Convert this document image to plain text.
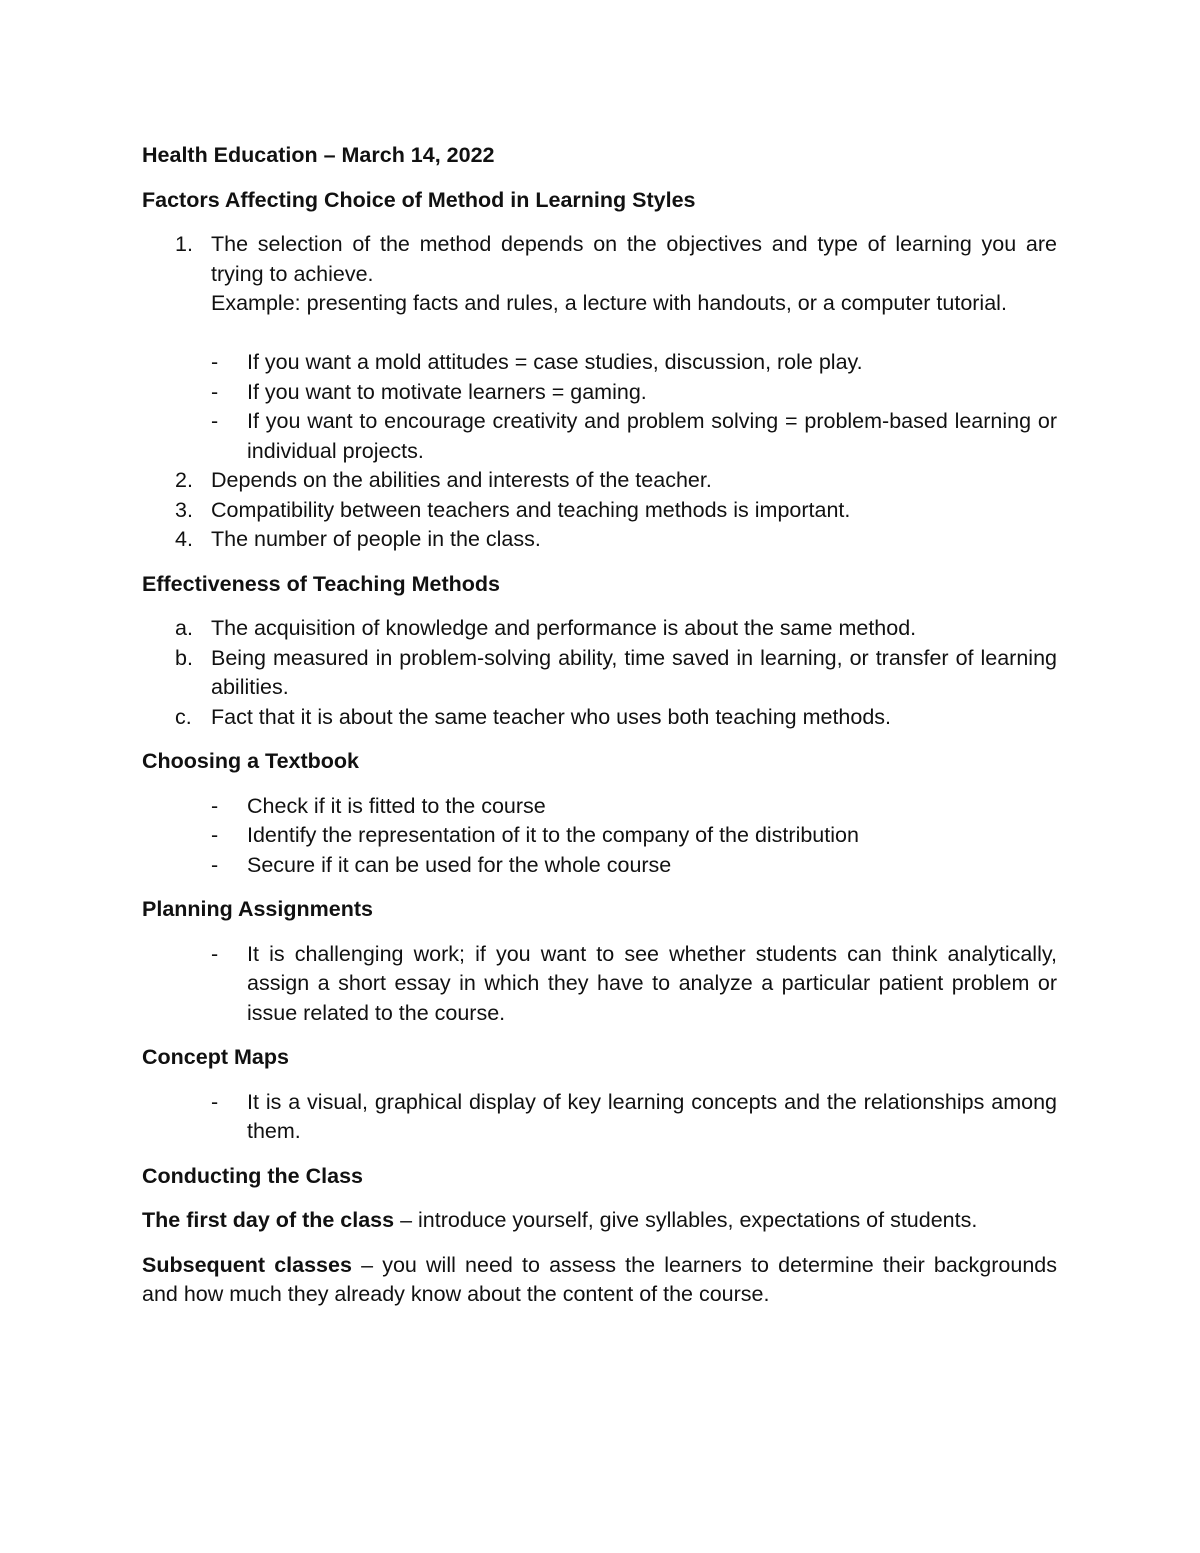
Health Education – March 14, 2022

Factors Affecting Choice of Method in Learning Styles

1. The selection of the method depends on the objectives and type of learning you are trying to achieve.
Example: presenting facts and rules, a lecture with handouts, or a computer tutorial.
- If you want a mold attitudes = case studies, discussion, role play.
- If you want to motivate learners = gaming.
- If you want to encourage creativity and problem solving = problem-based learning or individual projects.
2. Depends on the abilities and interests of the teacher.
3. Compatibility between teachers and teaching methods is important.
4. The number of people in the class.

Effectiveness of Teaching Methods

a. The acquisition of knowledge and performance is about the same method.
b. Being measured in problem-solving ability, time saved in learning, or transfer of learning abilities.
c. Fact that it is about the same teacher who uses both teaching methods.

Choosing a Textbook

- Check if it is fitted to the course
- Identify the representation of it to the company of the distribution
- Secure if it can be used for the whole course

Planning Assignments

- It is challenging work; if you want to see whether students can think analytically, assign a short essay in which they have to analyze a particular patient problem or issue related to the course.

Concept Maps

- It is a visual, graphical display of key learning concepts and the relationships among them.

Conducting the Class

The first day of the class – introduce yourself, give syllables, expectations of students.
Subsequent classes – you will need to assess the learners to determine their backgrounds and how much they already know about the content of the course.
